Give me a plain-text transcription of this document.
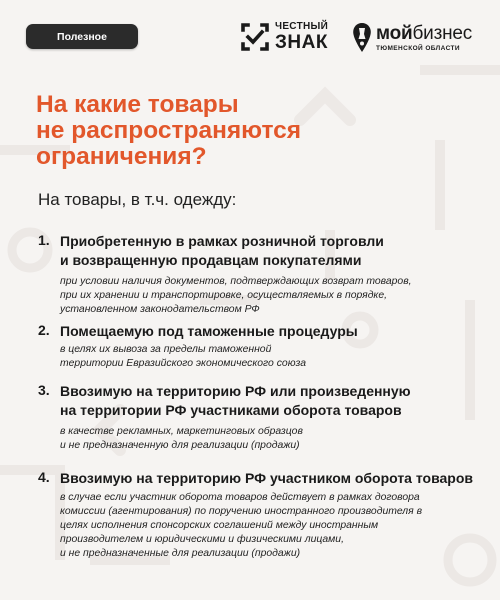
Полезное
ЧЕСТНЫЙ
ЗНАК	мойбизнес
ТЮМЕНСКОЙ ОБЛАСТИ
На какие товары
не распространяются
ограничения?

На товары, в т.ч. одежду:

1. Приобретенную в рамках розничной торговли
и возвращенную продавцам покупателями
при условии наличия документов, подтверждающих возврат товаров,
при их хранении и транспортировке, осуществляемых в порядке,
установленном законодательством РФ
2. Помещаемую под таможенные процедуры
в целях их вывоза за пределы таможенной
территории Евразийского экономического союза
3. Ввозимую на территорию РФ или произведенную
на территории РФ участниками оборота товаров
в качестве рекламных, маркетинговых образцов
и не предназначенную для реализации (продажи)
4. Ввозимую на территорию РФ участником оборота товаров
в случае если участник оборота товаров действует в рамках договора
комиссии (агентирования) по поручению иностранного производителя в
целях исполнения спонсорских соглашений между иностранным
производителем и юридическими и физическими лицами,
и не предназначенные для реализации (продажи)
